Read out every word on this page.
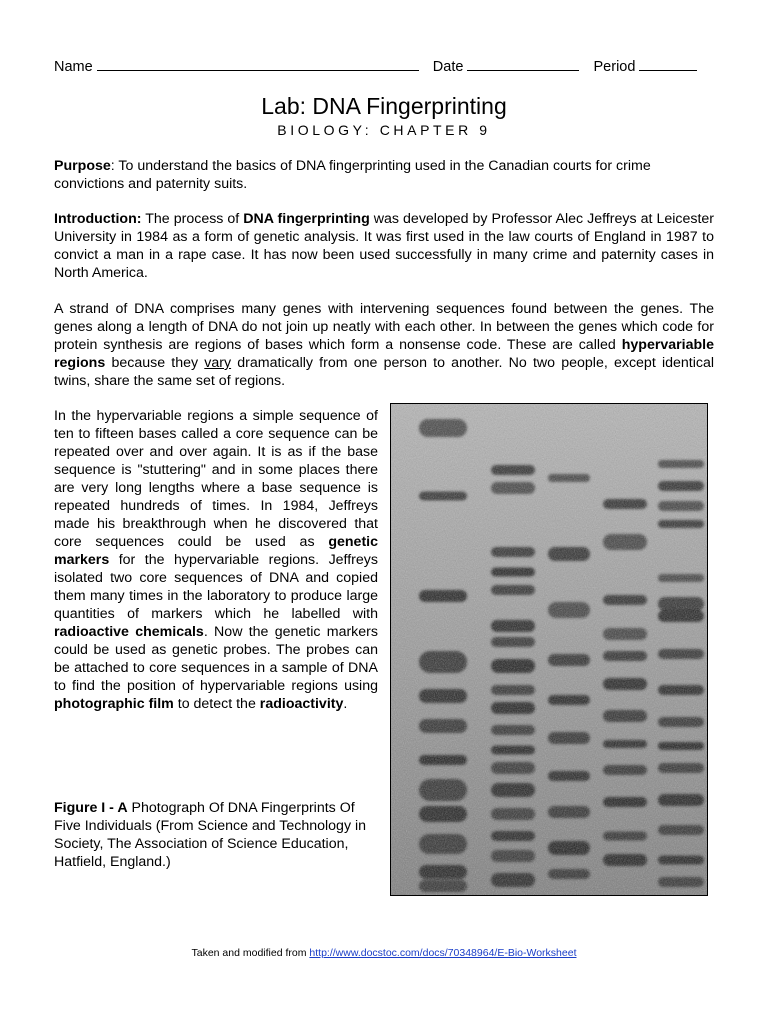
Name	Date	Period
Lab: DNA Fingerprinting
BIOLOGY: CHAPTER 9

Purpose: To understand the basics of DNA fingerprinting used in the Canadian courts for crime convictions and paternity suits.

Introduction: The process of DNA fingerprinting was developed by Professor Alec Jeffreys at Leicester University in 1984 as a form of genetic analysis. It was first used in the law courts of England in 1987 to convict a man in a rape case. It has now been used successfully in many crime and paternity cases in North America.

A strand of DNA comprises many genes with intervening sequences found between the genes. The genes along a length of DNA do not join up neatly with each other. In between the genes which code for protein synthesis are regions of bases which form a nonsense code. These are called hypervariable regions because they vary dramatically from one person to another. No two people, except identical twins, share the same set of regions.

In the hypervariable regions a simple sequence of ten to fifteen bases called a core sequence can be repeated over and over again. It is as if the base sequence is "stuttering" and in some places there are very long lengths where a base sequence is repeated hundreds of times. In 1984, Jeffreys made his breakthrough when he discovered that core sequences could be used as genetic markers for the hypervariable regions. Jeffreys isolated two core sequences of DNA and copied them many times in the laboratory to produce large quantities of markers which he labelled with radioactive chemicals. Now the genetic markers could be used as genetic probes. The probes can be attached to core sequences in a sample of DNA to find the position of hypervariable regions using photographic film to detect the radioactivity.

Figure I - A Photograph Of DNA Fingerprints Of Five Individuals (From Science and Technology in Society, The Association of Science Education, Hatfield, England.)

Taken and modified from http://www.docstoc.com/docs/70348964/E-Bio-Worksheet
